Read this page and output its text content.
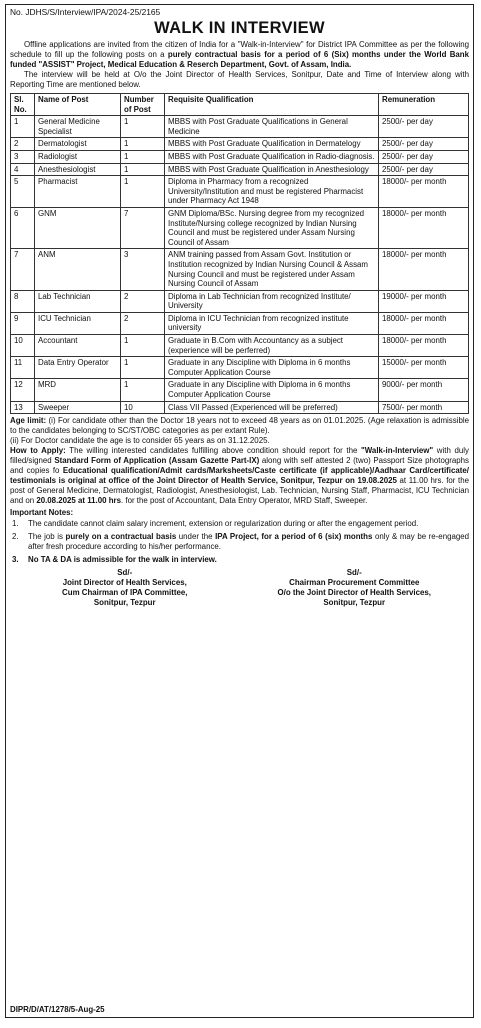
No. JDHS/S/Interview/IPA/2024-25/2165
WALK IN INTERVIEW

Offline applications are invited from the citizen of India for a "Walk-in-Interview" for District IPA Committee as per the following schedule to fill up the following posts on a purely contractual basis for a period of 6 (Six) months under the World Bank funded "ASSIST" Project, Medical Education & Reserch Department, Govt. of Assam, India.

The interview will be held at O/o the Joint Director of Health Services, Sonitpur, Date and Time of Interview along with Reporting Time are mentioned below.

Sl. No.	Name of Post	Number of Post	Requisite Qualification	Remuneration
1	General Medicine Specialist	1	MBBS with Post Graduate Qualifications in General Medicine	2500/- per day
2	Dermatologist	1	MBBS with Post Graduate Qualification in Dermatelogy	2500/- per day
3	Radiologist	1	MBBS with Post Graduate Qualification in Radio-diagnosis.	2500/- per day
4	Anesthesiologist	1	MBBS with Post Graduate Qualification in Anesthesiology	2500/- per day
5	Pharmacist	1	Diploma in Pharmacy from a recognized University/Institution and must be registered Pharmacist under Pharmacy Act 1948	18000/- per month
6	GNM	7	GNM Diploma/BSc. Nursing degree from my recognized Institute/Nursing college recognized by Indian Nursing Council and must be registered under Assam Nursing Council of Assam	18000/- per month
7	ANM	3	ANM training passed from Assam Govt. Institution or Institution recognized by Indian Nursing Council & Assam Nursing Council and must be registered under Assam Nursing Council of Assam	18000/- per month
8	Lab Technician	2	Diploma in Lab Technician from recognized Institute/ University	19000/- per month
9	ICU Technician	2	Diploma in ICU Technician from recognized institute university	18000/- per month
10	Accountant	1	Graduate in B.Com with Accountancy as a subject (experience will be perferred)	18000/- per month
11	Data Entry Operator	1	Graduate in any Discipline with Diploma in 6 months Computer Application Course	15000/- per month
12	MRD	1	Graduate in any Discipline with Diploma in 6 months Computer Application Course	9000/- per month
13	Sweeper	10	Class VII Passed (Experienced will be preferred)	7500/- per month

Age limit: (i) For candidate other than the Doctor 18 years not to exceed 48 years as on 01.01.2025. (Age relaxation is admissible to the candidates belonging to SC/ST/OBC categories as per extant Rule).

(ii) For Doctor candidate the age is to consider 65 years as on 31.12.2025.

How to Apply: The willing interested candidates fulfilling above condition should report for the "Walk-in-Interview" with duly filled/signed Standard Form of Application (Assam Gazette Part-IX) along with self attested 2 (two) Passport Size photographs and copies fo Educational qualification/Admit cards/Marksheets/Caste certificate (if applicable)/Aadhaar Card/certificate/ testimonials is original at office of the Joint Director of Health Service, Sonitpur, Tezpur on 19.08.2025 at 11.00 hrs. for the post of General Medicine, Dermatologist, Radiologist, Anesthesiologist, Lab. Technician, Nursing Staff, Pharmacist, ICU Technician and on 20.08.2025 at 11.00 hrs. for the post of Accountant, Data Entry Operator, MRD Staff, Sweeper.

Important Notes:
1. The candidate cannot claim salary increment, extension or regularization during or after the engagement period.
2. The job is purely on a contractual basis under the IPA Project, for a period of 6 (six) months only & may be re-engaged after fresh procedure according to his/her performance.
3. No TA & DA is admissible for the walk in interview.
Sd/-
Joint Director of Health Services,
Cum Chairman of IPA Committee,
Sonitpur, Tezpur
Sd/-
Chairman Procurement Committee
O/o the Joint Director of Health Services,
Sonitpur, Tezpur
DIPR/D/AT/1278/5-Aug-25
